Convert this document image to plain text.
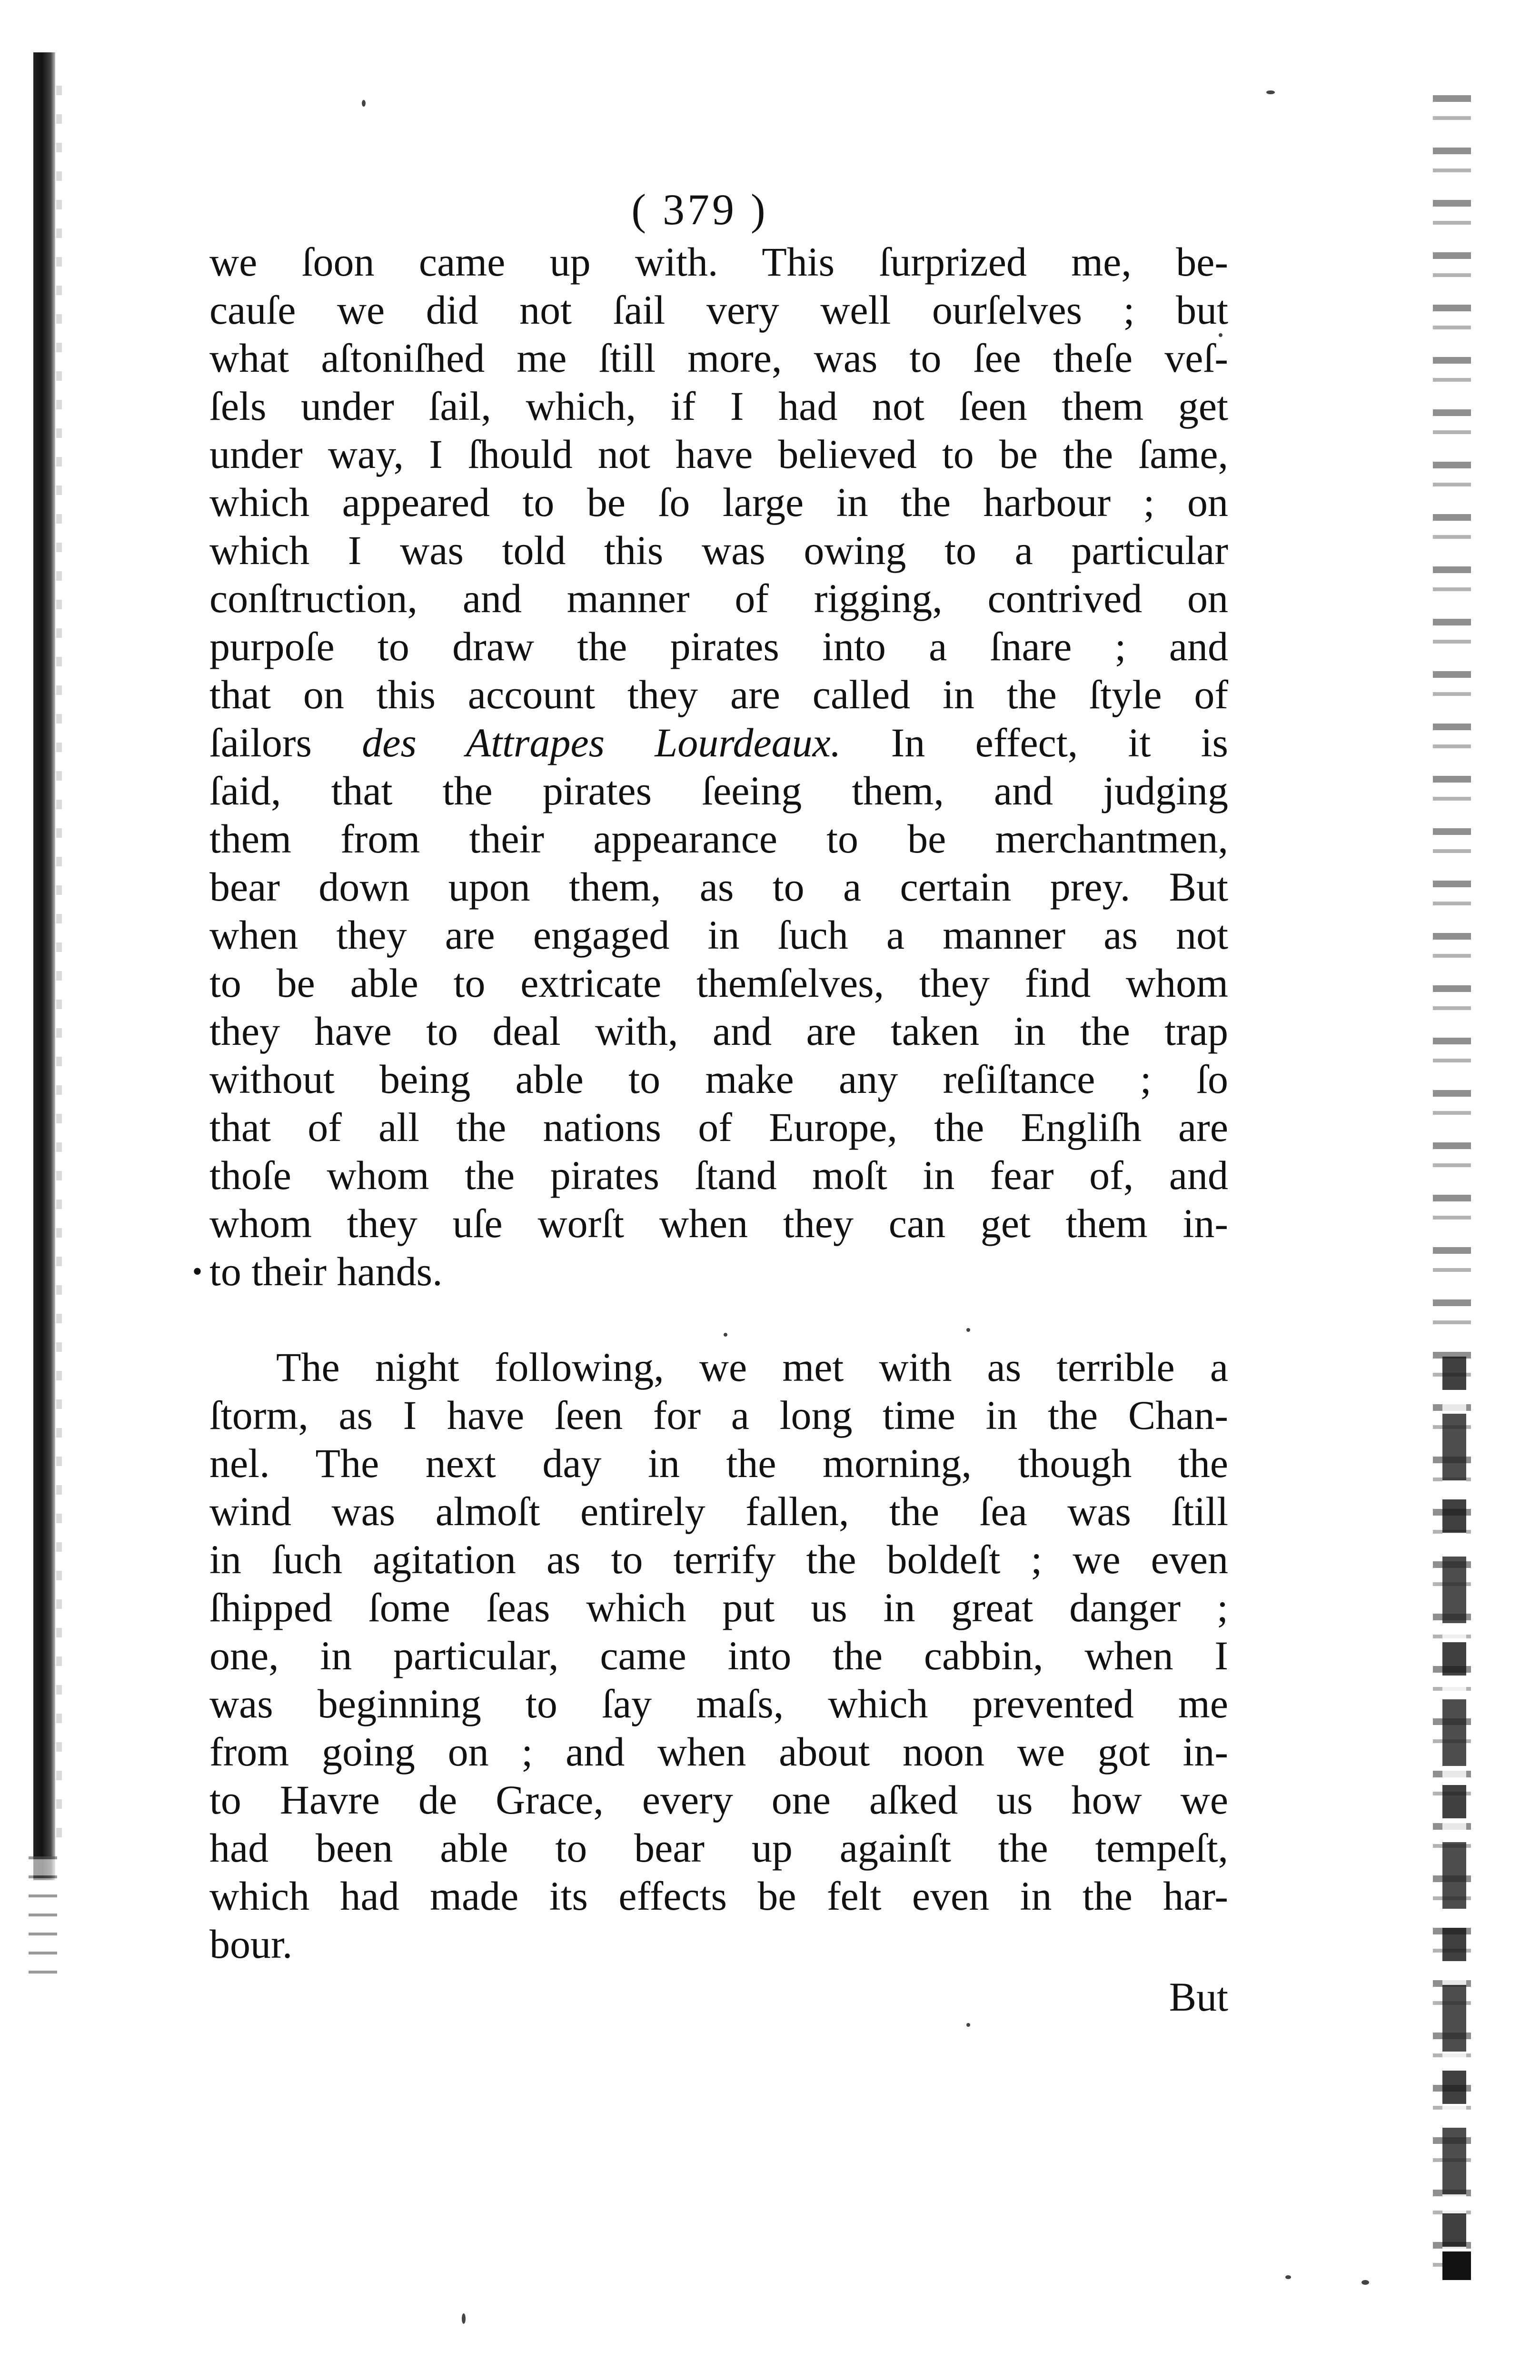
( 379 )
we ſoon came up with. This ſurprized me, be-
cauſe we did not ſail very well ourſelves ; but
what aſtoniſhed me ſtill more, was to ſee theſe veſ-
ſels under ſail, which, if I had not ſeen them get
under way, I ſhould not have believed to be the ſame,
which appeared to be ſo large in the harbour ; on
which I was told this was owing to a particular
conſtruction, and manner of rigging, contrived on
purpoſe to draw the pirates into a ſnare ; and
that on this account they are called in the ſtyle of
ſailors des Attrapes Lourdeaux. In effect, it is
ſaid, that the pirates ſeeing them, and judging
them from their appearance to be merchantmen,
bear down upon them, as to a certain prey. But
when they are engaged in ſuch a manner as not
to be able to extricate themſelves, they find whom
they have to deal with, and are taken in the trap
without being able to make any reſiſtance ; ſo
that of all the nations of Europe, the Engliſh are
thoſe whom the pirates ſtand moſt in fear of, and
whom they uſe worſt when they can get them in-
• to their hands.
The night following, we met with as terrible a
ſtorm, as I have ſeen for a long time in the Chan-
nel. The next day in the morning, though the
wind was almoſt entirely fallen, the ſea was ſtill
in ſuch agitation as to terrify the boldeſt ; we even
ſhipped ſome ſeas which put us in great danger ;
one, in particular, came into the cabbin, when I
was beginning to ſay maſs, which prevented me
from going on ; and when about noon we got in-
to Havre de Grace, every one aſked us how we
had been able to bear up againſt the tempeſt,
which had made its effects be felt even in the har-
bour.
But
